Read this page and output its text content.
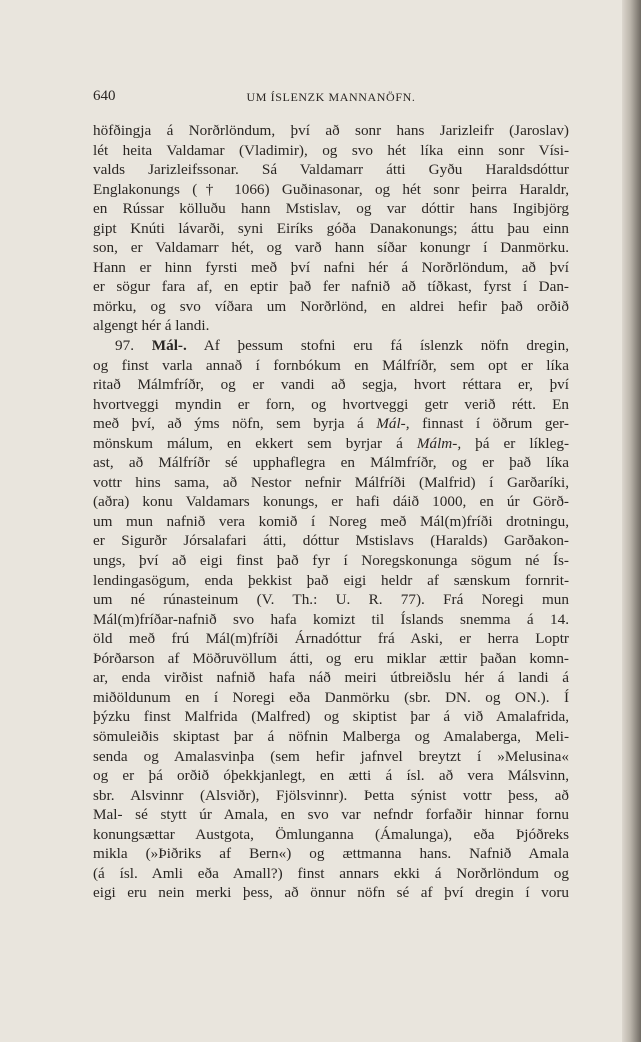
640	UM ÍSLENZK MANNANÖFN.
höfðingja á Norðrlöndum, því að sonr hans Jarizleifr (Jaroslav)
lét heita Valdamar (Vladimir), og svo hét líka einn sonr Vísi-
valds Jarizleifssonar. Sá Valdamarr átti Gyðu Haraldsdóttur
Englakonungs († 1066) Guðinasonar, og hét sonr þeirra Haraldr,
en Rússar kölluðu hann Mstislav, og var dóttir hans Ingibjörg
gipt Knúti lávarði, syni Eiríks góða Danakonungs; áttu þau einn
son, er Valdamarr hét, og varð hann síðar konungr í Danmörku.
Hann er hinn fyrsti með því nafni hér á Norðrlöndum, að því
er sögur fara af, en eptir það fer nafnið að tíðkast, fyrst í Dan-
mörku, og svo víðara um Norðrlönd, en aldrei hefir það orðið
algengt hér á landi.
97. Mál-. Af þessum stofni eru fá íslenzk nöfn dregin,
og finst varla annað í fornbókum en Málfríðr, sem opt er líka
ritað Málmfríðr, og er vandi að segja, hvort réttara er, því
hvortveggi myndin er forn, og hvortveggi getr verið rétt. En
með því, að ýms nöfn, sem byrja á Mál-, finnast í öðrum ger-
mönskum málum, en ekkert sem byrjar á Málm-, þá er líkleg-
ast, að Málfríðr sé upphaflegra en Málmfríðr, og er það líka
vottr hins sama, að Nestor nefnir Málfríði (Malfrid) í Garðaríki,
(aðra) konu Valdamars konungs, er hafi dáið 1000, en úr Görð-
um mun nafnið vera komið í Noreg með Mál(m)fríði drotningu,
er Sigurðr Jórsalafari átti, dóttur Mstislavs (Haralds) Garðakon-
ungs, því að eigi finst það fyr í Noregskonunga sögum né Ís-
lendingasögum, enda þekkist það eigi heldr af sænskum fornrit-
um né rúnasteinum (V. Th.: U. R. 77). Frá Noregi mun
Mál(m)fríðar-nafnið svo hafa komizt til Íslands snemma á 14.
öld með frú Mál(m)fríði Árnadóttur frá Aski, er herra Loptr
Þórðarson af Möðruvöllum átti, og eru miklar ættir þaðan komn-
ar, enda virðist nafnið hafa náð meiri útbreiðslu hér á landi á
miðöldunum en í Noregi eða Danmörku (sbr. DN. og ON.). Í
þýzku finst Malfrida (Malfred) og skiptist þar á við Amalafrida,
sömuleiðis skiptast þar á nöfnin Malberga og Amalaberga, Meli-
senda og Amalasvinþa (sem hefir jafnvel breytzt í »Melusina«
og er þá orðið óþekkjanlegt, en ætti á ísl. að vera Málsvinn,
sbr. Alsvinnr (Alsviðr), Fjölsvinnr). Þetta sýnist vottr þess, að
Mal- sé stytt úr Amala, en svo var nefndr forfaðir hinnar fornu
konungsættar Austgota, Ömlunganna (Ámalunga), eða Þjóðreks
mikla (»Þiðriks af Bern«) og ættmanna hans. Nafnið Amala
(á ísl. Amli eða Amall?) finst annars ekki á Norðrlöndum og
eigi eru nein merki þess, að önnur nöfn sé af því dregin í voru
